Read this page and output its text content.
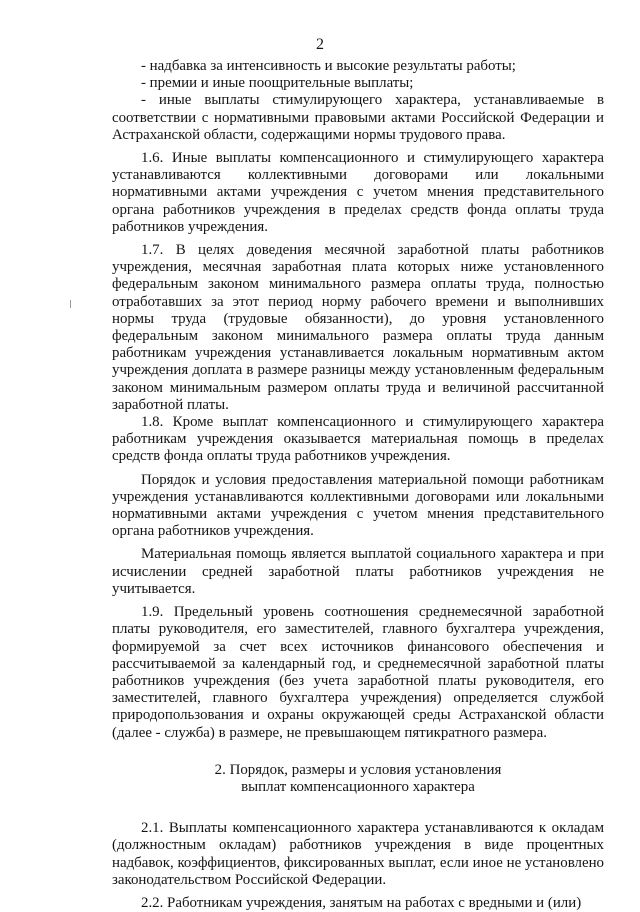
2

- надбавка за интенсивность и высокие результаты работы;

- премии и иные поощрительные выплаты;

- иные выплаты стимулирующего характера, устанавливаемые в соответствии с нормативными правовыми актами Российской Федерации и Астраханской области, содержащими нормы трудового права.

1.6. Иные выплаты компенсационного и стимулирующего характера устанавливаются коллективными договорами или локальными нормативными актами учреждения с учетом мнения представительного органа работников учреждения в пределах средств фонда оплаты труда работников учреждения.

1.7. В целях доведения месячной заработной платы работников учреждения, месячная заработная плата которых ниже установленного федеральным законом минимального размера оплаты труда, полностью отработавших за этот период норму рабочего времени и выполнивших нормы труда (трудовые обязанности), до уровня установленного федеральным законом минимального размера оплаты труда данным работникам учреждения устанавливается локальным нормативным актом учреждения доплата в размере разницы между установленным федеральным законом минимальным размером оплаты труда и величиной рассчитанной заработной платы.

1.8. Кроме выплат компенсационного и стимулирующего характера работникам учреждения оказывается материальная помощь в пределах средств фонда оплаты труда работников учреждения.

Порядок и условия предоставления материальной помощи работникам учреждения устанавливаются коллективными договорами или локальными нормативными актами учреждения с учетом мнения представительного органа работников учреждения.

Материальная помощь является выплатой социального характера и при исчислении средней заработной платы работников учреждения не учитывается.

1.9. Предельный уровень соотношения среднемесячной заработной платы руководителя, его заместителей, главного бухгалтера учреждения, формируемой за счет всех источников финансового обеспечения и рассчитываемой за календарный год, и среднемесячной заработной платы работников учреждения (без учета заработной платы руководителя, его заместителей, главного бухгалтера учреждения) определяется службой природопользования и охраны окружающей среды Астраханской области (далее - служба) в размере, не превышающем пятикратного размера.

2. Порядок, размеры и условия установления
выплат компенсационного характера

2.1. Выплаты компенсационного характера устанавливаются к окладам (должностным окладам) работников учреждения в виде процентных надбавок, коэффициентов, фиксированных выплат, если иное не установлено законодательством Российской Федерации.

2.2. Работникам учреждения, занятым на работах с вредными и (или)
